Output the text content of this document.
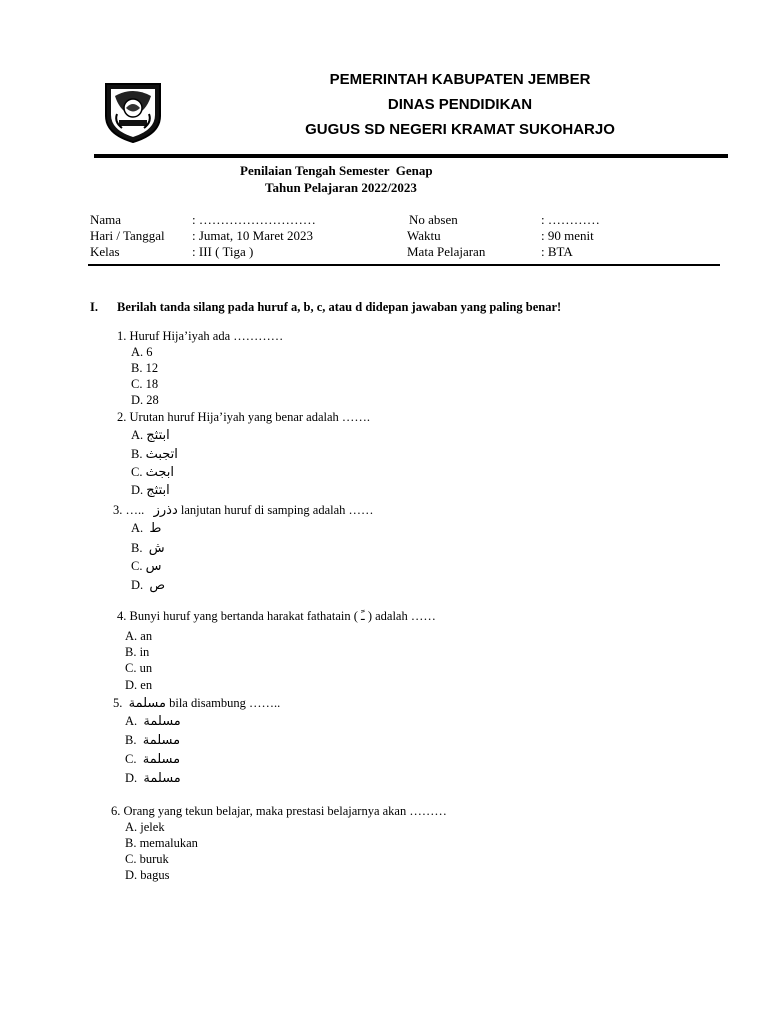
PEMERINTAH KABUPATEN JEMBER
DINAS PENDIDIKAN
GUGUS SD NEGERI KRAMAT SUKOHARJO
Penilaian Tengah Semester  Genap
Tahun Pelajaran 2022/2023
Nama	: ………………………	No absen	: …………
Hari / Tanggal : Jumat, 10 Maret 2023	Waktu	: 90 menit
Kelas	: III ( Tiga )	Mata Pelajaran	: BTA
I. Berilah tanda silang pada huruf a, b, c, atau d didepan jawaban yang paling benar!
1. Huruf Hija’iyah ada …………
A. 6
B. 12
C. 18
D. 28
2. Urutan huruf Hija’iyah yang benar adalah …….
A. ابتثج
B. اتجبث
C. ابجث
D. ابتثج
3. ….. دذرز lanjutan huruf di samping adalah ……
A. ط
B. ش
C. س
D. ص
4. Bunyi huruf yang bertanda harakat fathatain ( ـً ) adalah ……
A. an
B. in
C. un
D. en
5. مسلمة bila disambung ……..
A. مسلمة
B. مسلمة
C. مسلمة
D. مسلمة
6. Orang yang tekun belajar, maka prestasi belajarnya akan ………
A. jelek
B. memalukan
C. buruk
D. bagus
